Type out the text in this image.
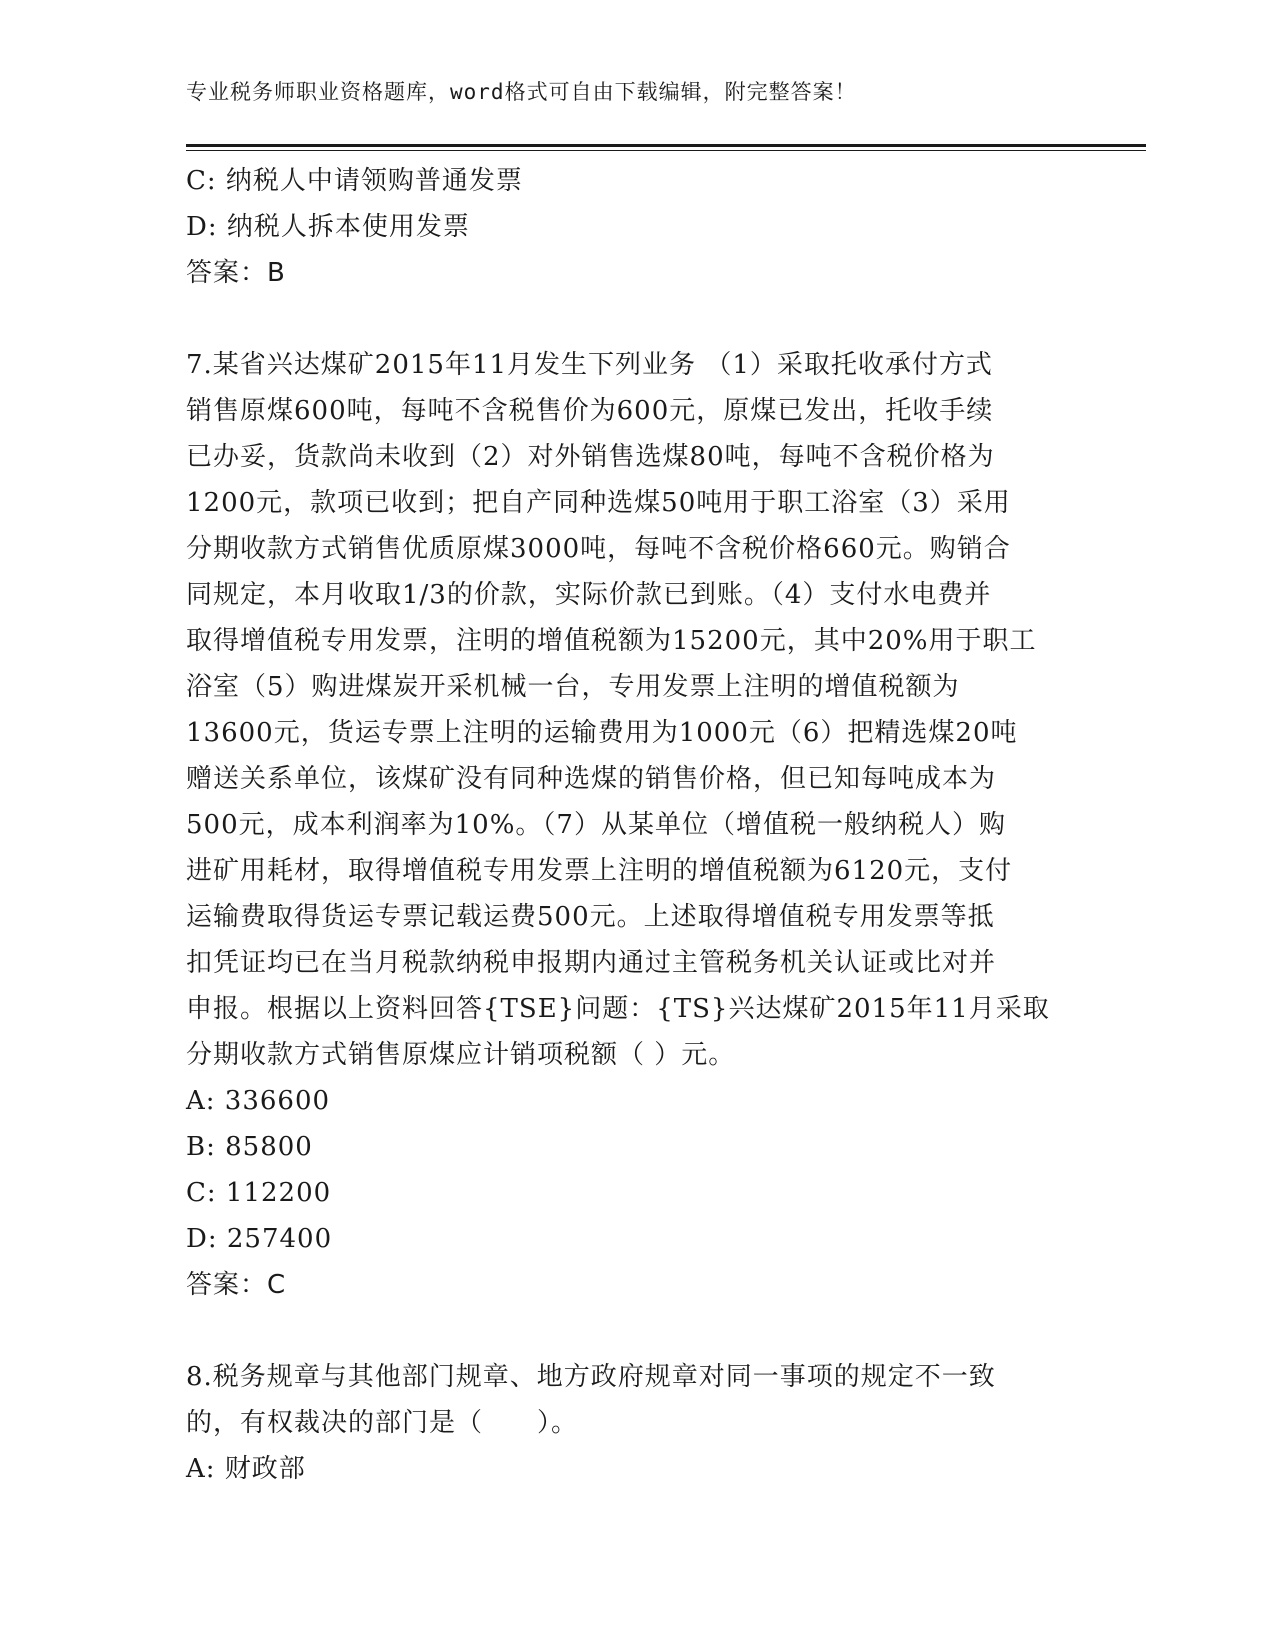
专业税务师职业资格题库，word格式可自由下载编辑，附完整答案！
C: 纳税人中请领购普通发票
D: 纳税人拆本使用发票
答案：B
7.某省兴达煤矿2015年11月发生下列业务 （1）采取托收承付方式
销售原煤600吨，每吨不含税售价为600元，原煤已发出，托收手续
已办妥，货款尚未收到（2）对外销售选煤80吨，每吨不含税价格为
1200元，款项已收到；把自产同种选煤50吨用于职工浴室（3）采用
分期收款方式销售优质原煤3000吨，每吨不含税价格660元。购销合
同规定，本月收取1/3的价款，实际价款已到账。（4）支付水电费并
取得增值税专用发票，注明的增值税额为15200元，其中20%用于职工
浴室（5）购进煤炭开采机械一台，专用发票上注明的增值税额为
13600元，货运专票上注明的运输费用为1000元（6）把精选煤20吨
赠送关系单位，该煤矿没有同种选煤的销售价格，但已知每吨成本为
500元，成本利润率为10%。（7）从某单位（增值税一般纳税人）购
进矿用耗材，取得增值税专用发票上注明的增值税额为6120元，支付
运输费取得货运专票记载运费500元。上述取得增值税专用发票等抵
扣凭证均已在当月税款纳税申报期内通过主管税务机关认证或比对并
申报。根据以上资料回答{TSE}问题：{TS}兴达煤矿2015年11月采取
分期收款方式销售原煤应计销项税额（ ）元。
A: 336600
B: 85800
C: 112200
D: 257400
答案：C
8.税务规章与其他部门规章、地方政府规章对同一事项的规定不一致
的，有权裁决的部门是（　　）。
A: 财政部
